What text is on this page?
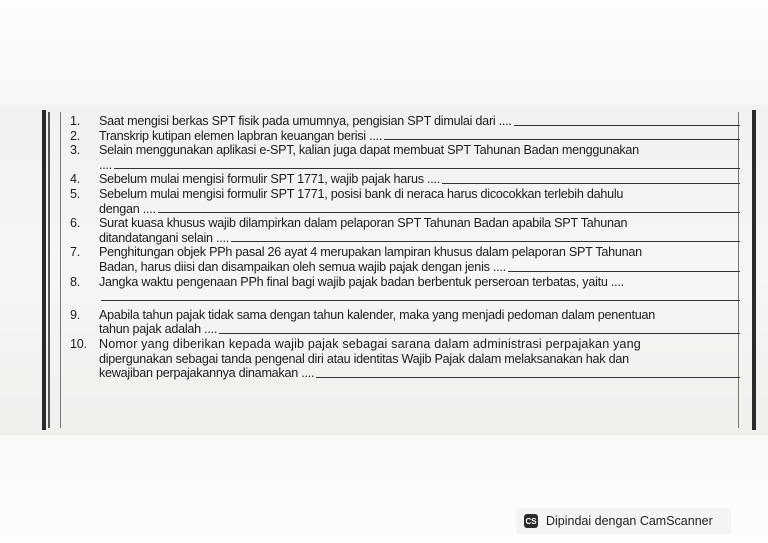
1.	Saat mengisi berkas SPT fisik pada umumnya, pengisian SPT dimulai dari ....
2.	Transkrip kutipan elemen lapbran keuangan berisi ....
3.	Selain menggunakan aplikasi e-SPT, kalian juga dapat membuat SPT Tahunan Badan menggunakan
....
4.	Sebelum mulai mengisi formulir SPT 1771, wajib pajak harus ....
5.	Sebelum mulai mengisi formulir SPT 1771, posisi bank di neraca harus dicocokkan terlebih dahulu
dengan ....
6.	Surat kuasa khusus wajib dilampirkan dalam pelaporan SPT Tahunan Badan apabila SPT Tahunan
ditandatangani selain ....
7.	Penghitungan objek PPh pasal 26 ayat 4 merupakan lampiran khusus dalam pelaporan SPT Tahunan
Badan, harus diisi dan disampaikan oleh semua wajib pajak dengan jenis ....
8.	Jangka waktu pengenaan PPh final bagi wajib pajak badan berbentuk perseroan terbatas, yaitu ....
9.	Apabila tahun pajak tidak sama dengan tahun kalender, maka yang menjadi pedoman dalam penentuan
tahun pajak adalah ....
10. Nomor yang diberikan kepada wajib pajak sebagai sarana dalam administrasi perpajakan yang
dipergunakan sebagai tanda pengenal diri atau identitas Wajib Pajak dalam melaksanakan hak dan
kewajiban perpajakannya dinamakan ....
CS Dipindai dengan CamScanner
